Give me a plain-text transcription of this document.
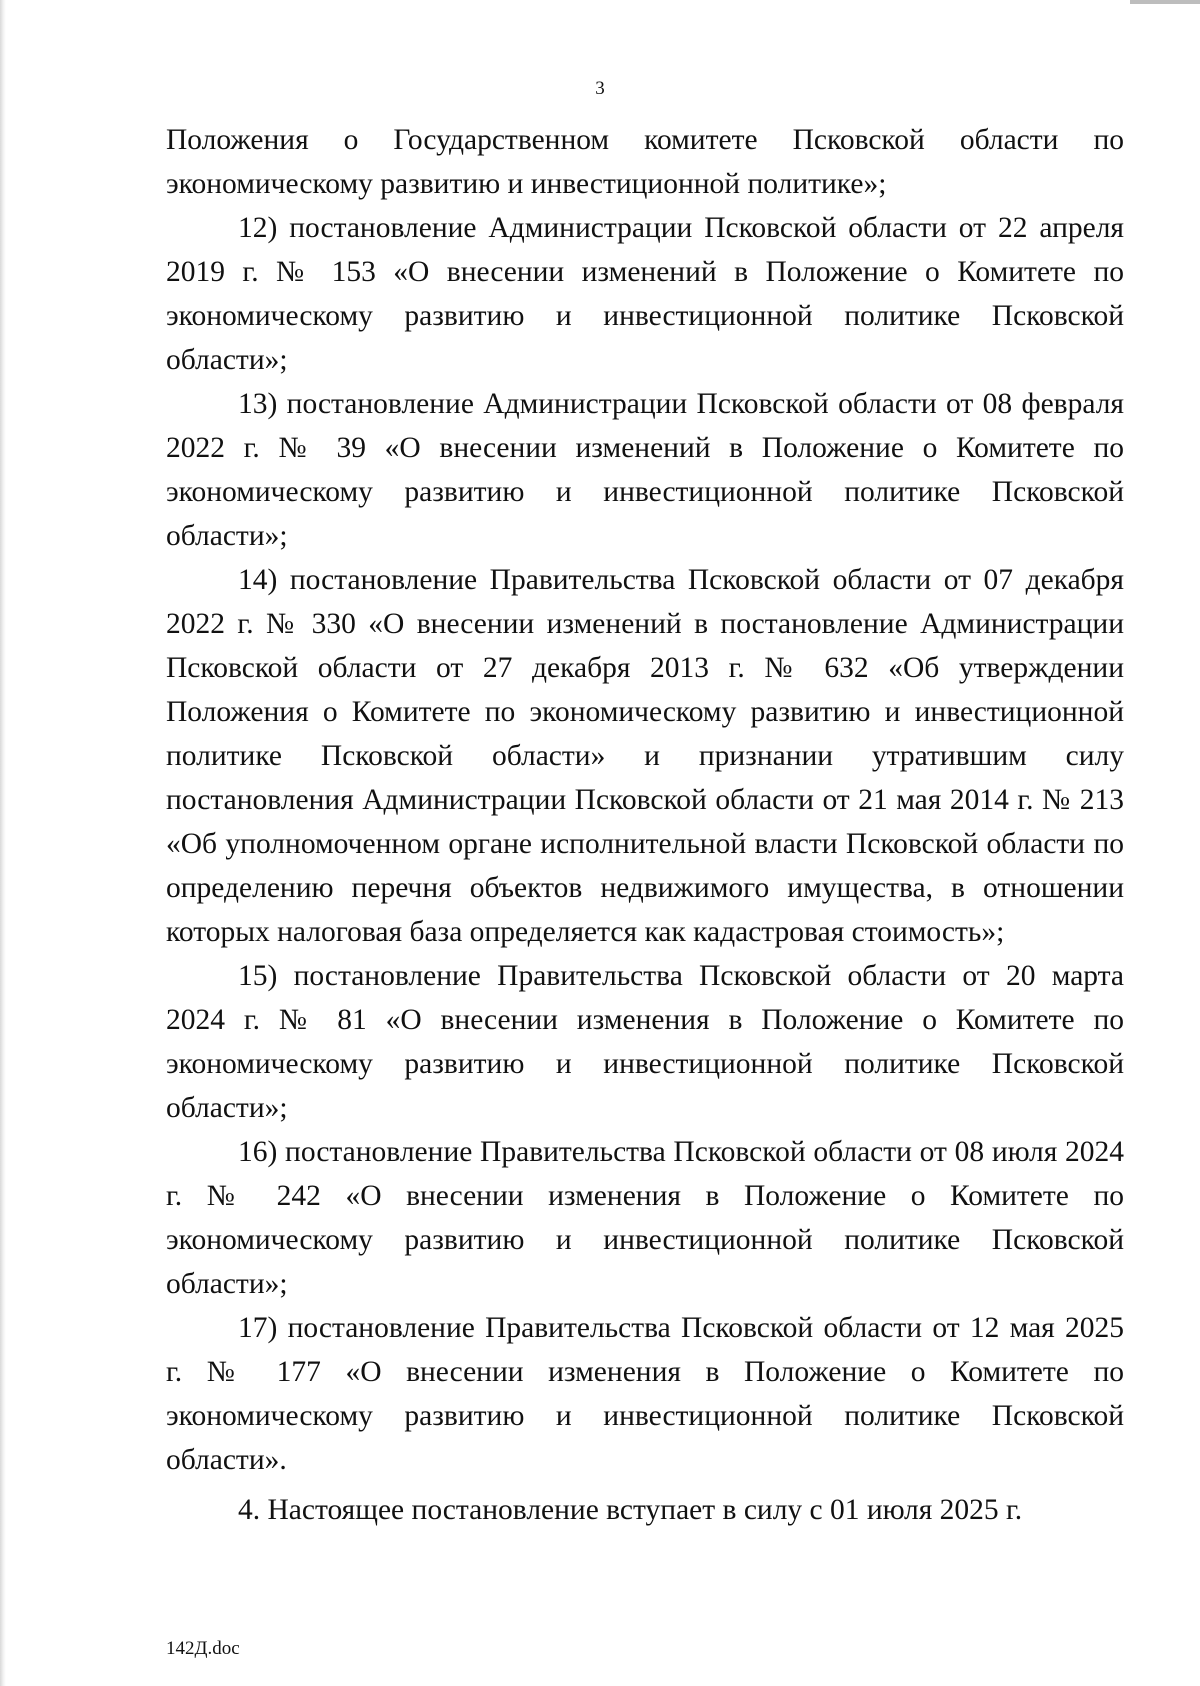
3

Положения о Государственном комитете Псковской области по экономическому развитию и инвестиционной политике»;

12) постановление Администрации Псковской области от 22 апреля 2019 г. № 153 «О внесении изменений в Положение о Комитете по экономическому развитию и инвестиционной политике Псковской области»;

13) постановление Администрации Псковской области от 08 февраля 2022 г. № 39 «О внесении изменений в Положение о Комитете по экономическому развитию и инвестиционной политике Псковской области»;

14) постановление Правительства Псковской области от 07 декабря 2022 г. № 330 «О внесении изменений в постановление Администрации Псковской области от 27 декабря 2013 г. № 632 «Об утверждении Положения о Комитете по экономическому развитию и инвестиционной политике Псковской области» и признании утратившим силу постановления Администрации Псковской области от 21 мая 2014 г. № 213 «Об уполномоченном органе исполнительной власти Псковской области по определению перечня объектов недвижимого имущества, в отношении которых налоговая база определяется как кадастровая стоимость»;

15) постановление Правительства Псковской области от 20 марта 2024 г. № 81 «О внесении изменения в Положение о Комитете по экономическому развитию и инвестиционной политике Псковской области»;

16) постановление Правительства Псковской области от 08 июля 2024 г. № 242 «О внесении изменения в Положение о Комитете по экономическому развитию и инвестиционной политике Псковской области»;

17) постановление Правительства Псковской области от 12 мая 2025 г. № 177 «О внесении изменения в Положение о Комитете по экономическому развитию и инвестиционной политике Псковской области».

4. Настоящее постановление вступает в силу с 01 июля 2025 г.

142Д.doc
